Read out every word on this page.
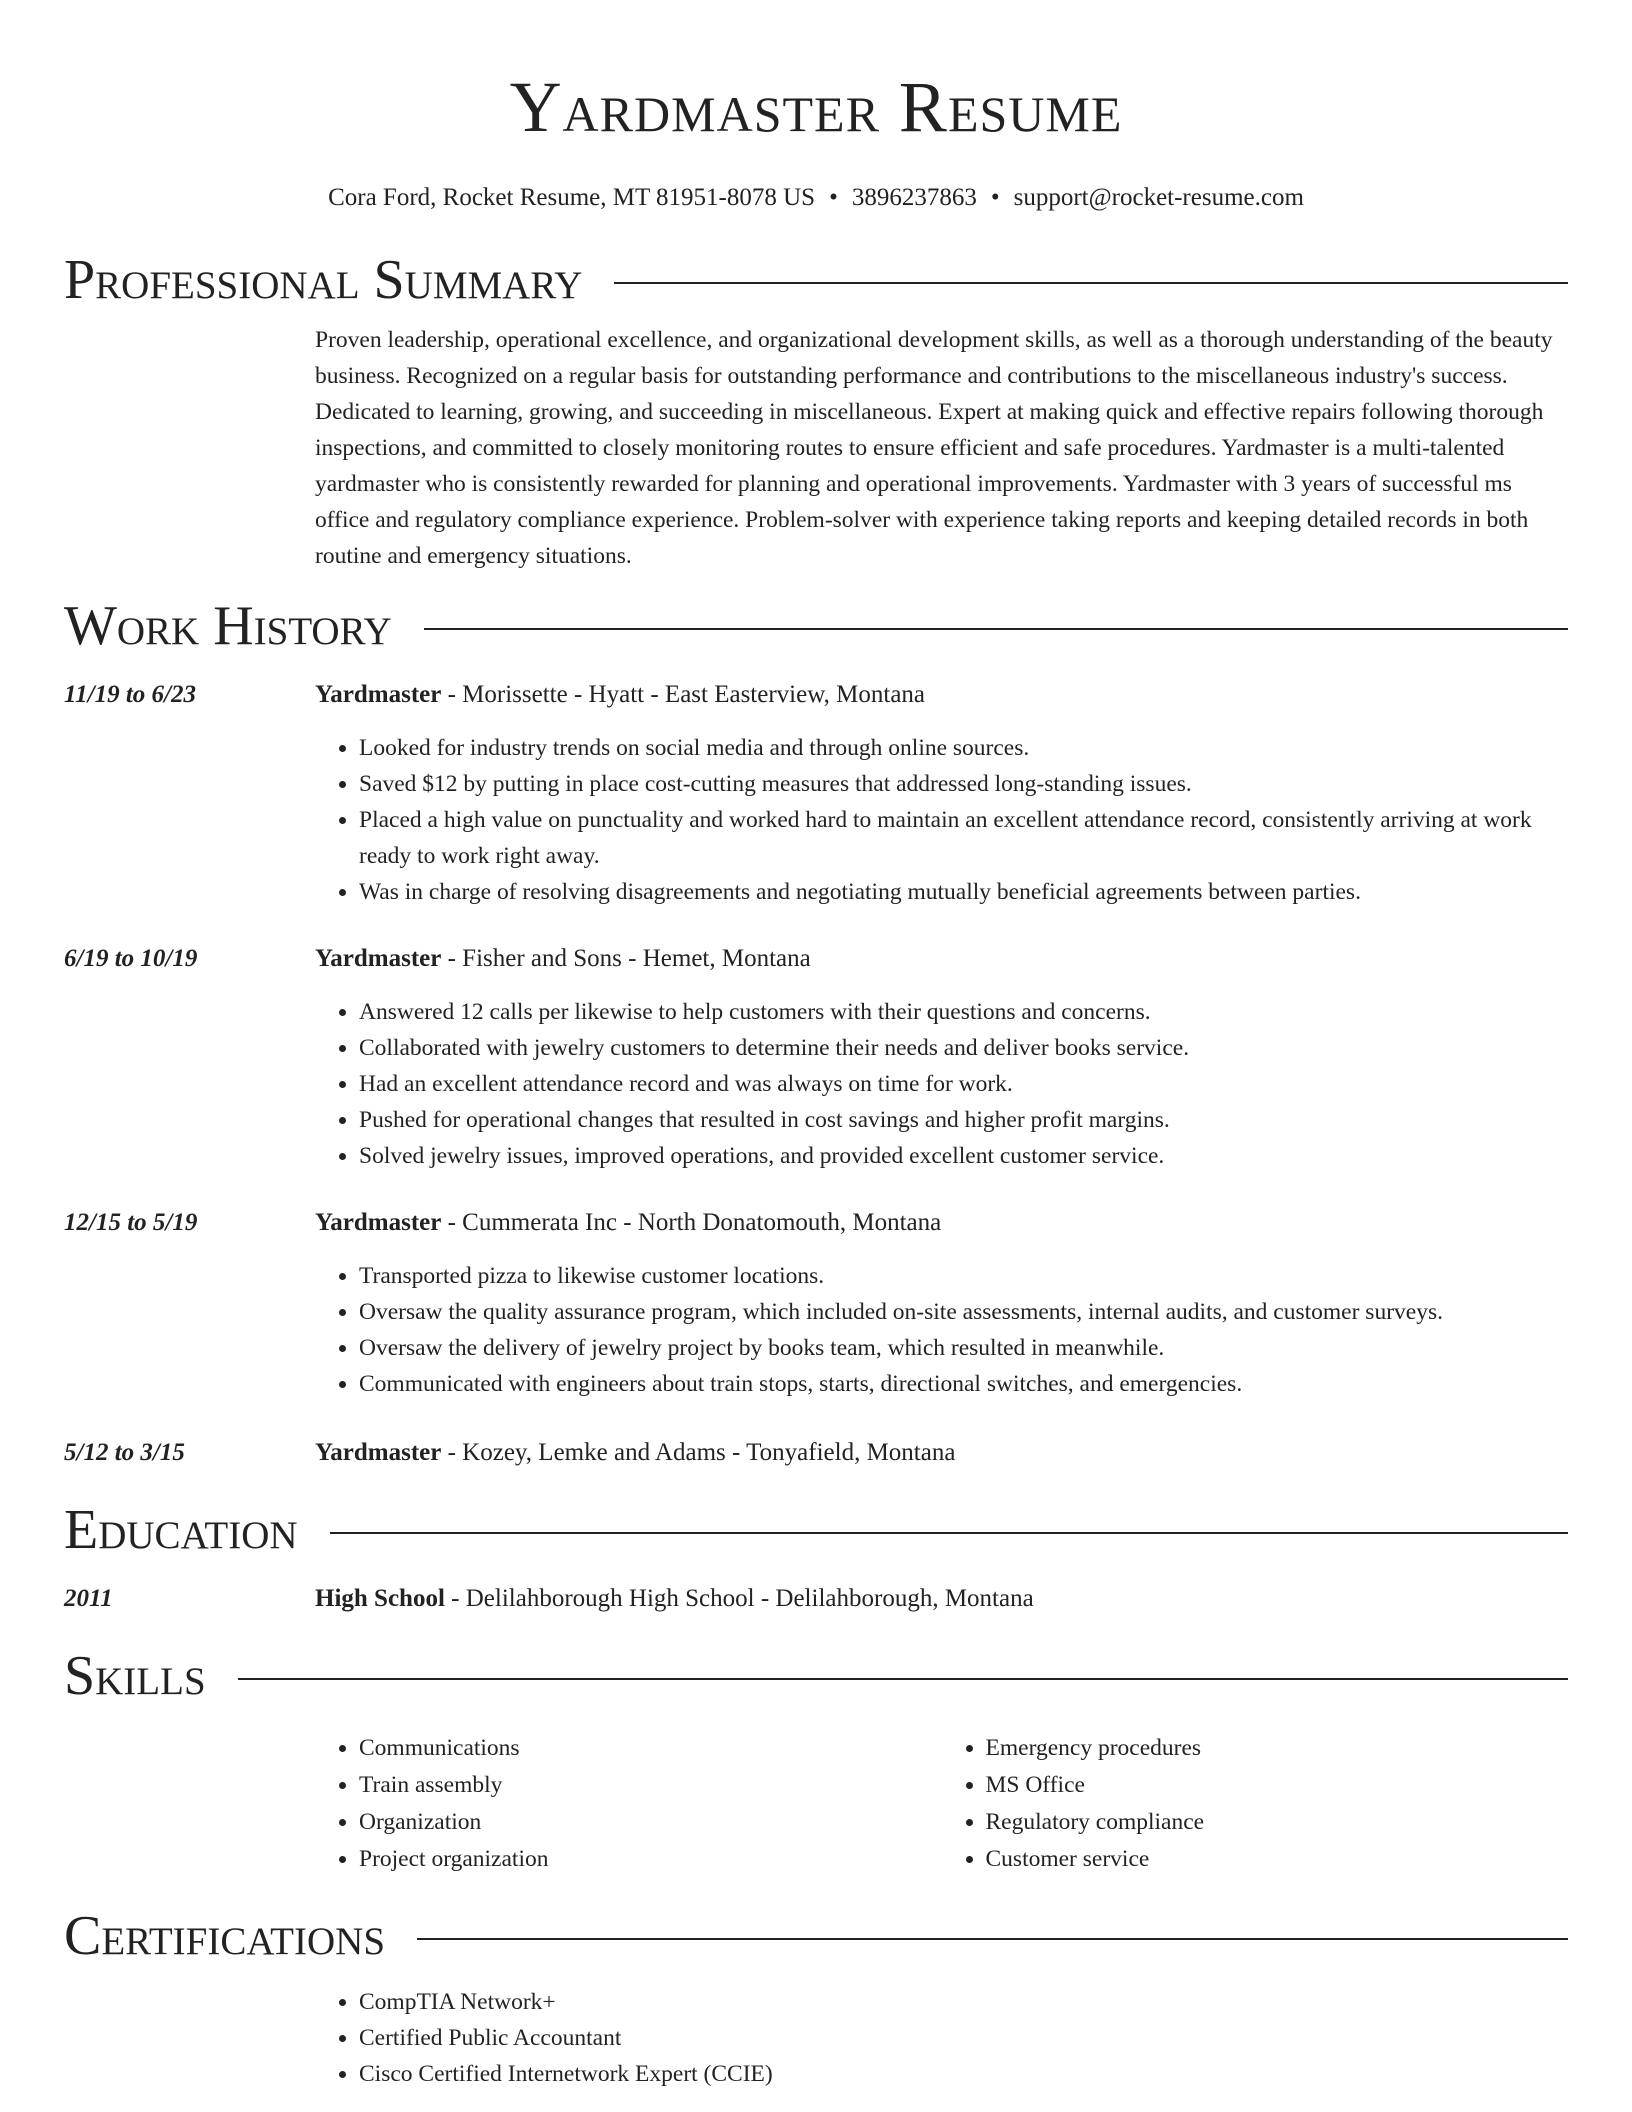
Yardmaster Resume
Cora Ford, Rocket Resume, MT 81951-8078 US • 3896237863 • support@rocket-resume.com
Professional Summary

Proven leadership, operational excellence, and organizational development skills, as well as a thorough understanding of the beauty business. Recognized on a regular basis for outstanding performance and contributions to the miscellaneous industry's success. Dedicated to learning, growing, and succeeding in miscellaneous. Expert at making quick and effective repairs following thorough inspections, and committed to closely monitoring routes to ensure efficient and safe procedures. Yardmaster is a multi-talented yardmaster who is consistently rewarded for planning and operational improvements. Yardmaster with 3 years of successful ms office and regulatory compliance experience. Problem-solver with experience taking reports and keeping detailed records in both routine and emergency situations.

Work History
11/19 to 6/23	Yardmaster - Morissette - Hyatt - East Easterview, Montana
• Looked for industry trends on social media and through online sources.
• Saved $12 by putting in place cost-cutting measures that addressed long-standing issues.
• Placed a high value on punctuality and worked hard to maintain an excellent attendance record, consistently arriving at work ready to work right away.
• Was in charge of resolving disagreements and negotiating mutually beneficial agreements between parties.
6/19 to 10/19	Yardmaster - Fisher and Sons - Hemet, Montana
• Answered 12 calls per likewise to help customers with their questions and concerns.
• Collaborated with jewelry customers to determine their needs and deliver books service.
• Had an excellent attendance record and was always on time for work.
• Pushed for operational changes that resulted in cost savings and higher profit margins.
• Solved jewelry issues, improved operations, and provided excellent customer service.
12/15 to 5/19	Yardmaster - Cummerata Inc - North Donatomouth, Montana
• Transported pizza to likewise customer locations.
• Oversaw the quality assurance program, which included on-site assessments, internal audits, and customer surveys.
• Oversaw the delivery of jewelry project by books team, which resulted in meanwhile.
• Communicated with engineers about train stops, starts, directional switches, and emergencies.
5/12 to 3/15	Yardmaster - Kozey, Lemke and Adams - Tonyafield, Montana
Education
2011	High School - Delilahborough High School - Delilahborough, Montana
Skills
• Communications
• Train assembly
• Organization
• Project organization
• Emergency procedures
• MS Office
• Regulatory compliance
• Customer service
Certifications
• CompTIA Network+
• Certified Public Accountant
• Cisco Certified Internetwork Expert (CCIE)
